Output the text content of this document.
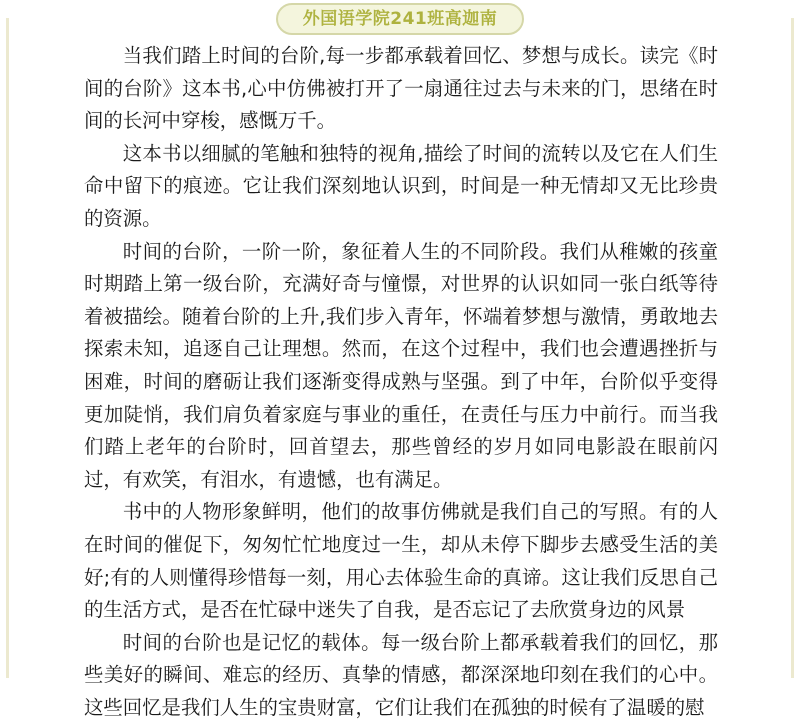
外国语学院241班高迦南

当我们踏上时间的台阶,每一步都承载着回忆、梦想与成长。读完《时间的台阶》这本书,心中仿佛被打开了一扇通往过去与未来的门，思绪在时间的长河中穿梭，感慨万千。

这本书以细腻的笔触和独特的视角,描绘了时间的流转以及它在人们生命中留下的痕迹。它让我们深刻地认识到，时间是一种无情却又无比珍贵的资源。

时间的台阶，一阶一阶，象征着人生的不同阶段。我们从稚嫩的孩童时期踏上第一级台阶，充满好奇与憧憬，对世界的认识如同一张白纸等待着被描绘。随着台阶的上升,我们步入青年，怀端着梦想与激情，勇敢地去探索未知，追逐自己让理想。然而，在这个过程中，我们也会遭遇挫折与困难，时间的磨砺让我们逐渐变得成熟与坚强。到了中年，台阶似乎变得更加陡悄，我们肩负着家庭与事业的重任，在责任与压力中前行。而当我们踏上老年的台阶时，回首望去，那些曾经的岁月如同电影設在眼前闪过，有欢笑，有泪水，有遗憾，也有满足。

书中的人物形象鲜明，他们的故事仿佛就是我们自己的写照。有的人在时间的催促下，匆匆忙忙地度过一生，却从未停下脚步去感受生活的美好;有的人则懂得珍惜每一刻，用心去体验生命的真谛。这让我们反思自己的生活方式，是否在忙碌中迷失了自我，是否忘记了去欣赏身边的风景

时间的台阶也是记忆的载体。每一级台阶上都承载着我们的回忆，那些美好的瞬间、难忘的经历、真挚的情感，都深深地印刻在我们的心中。这些回忆是我们人生的宝贵财富，它们让我们在孤独的时候有了温暖的慰
